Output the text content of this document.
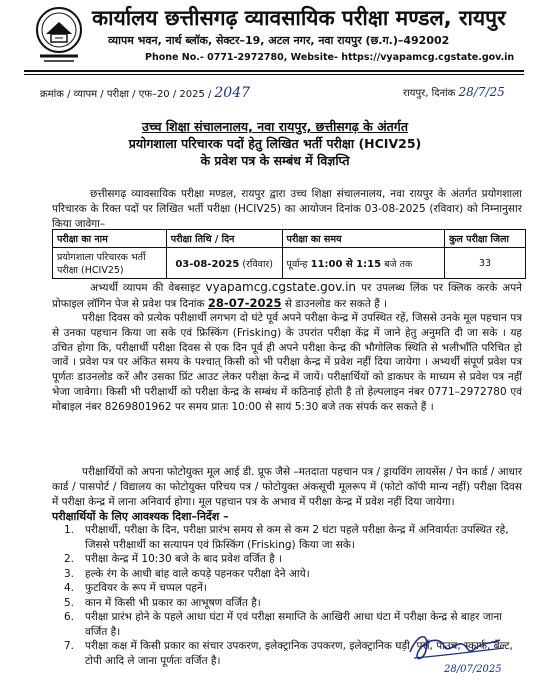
कार्यालय छत्तीसगढ़ व्यावसायिक परीक्षा मण्डल, रायपुर
व्यापम भवन, नार्थ ब्लॉक, सेक्टर–19, अटल नगर, नवा रायपुर (छ.ग.)–492002
Phone No.- 0771-2972780, Website- https://vyapamcg.cgstate.gov.in
क्रमांक / व्यापम / परीक्षा / एफ–20 / 2025 / 2047	रायपुर, दिनांक 28/7/25
उच्च शिक्षा संचालनालय, नवा रायपुर, छत्तीसगढ़ के अंतर्गत
प्रयोगशाला परिचारक पदों हेतु लिखित भर्ती परीक्षा (HCIV25)
के प्रवेश पत्र के सम्बंध में विज्ञप्ति
छत्तीसगढ़ व्यावसायिक परीक्षा मण्डल, रायपुर द्वारा उच्च शिक्षा संचालनालय, नवा रायपुर के अंतर्गत प्रयोगशाला परिचारक के रिक्त पदों पर लिखित भर्ती परीक्षा (HCIV25) का आयोजन दिनांक 03-08-2025 (रविवार) को निम्नानुसार किया जावेगा–
परीक्षा का नाम	परीक्षा तिथि / दिन	परीक्षा का समय	कुल परीक्षा जिला
प्रयोगशाला परिचारक भर्ती परीक्षा (HCIV25)	03-08-2025 (रविवार)	पूर्वान्ह 11:00 से 1:15 बजे तक	33
अभ्यर्थी व्यापम की वेबसाइट vyapamcg.cgstate.gov.in पर उपलब्ध लिंक पर क्लिक करके अपने प्रोफाइल लॉगिन पेज से प्रवेश पत्र दिनांक 28-07-2025 से डाउनलोड कर सकते हैं ।
परीक्षा दिवस को प्रत्येक परीक्षार्थी लगभग दो घंटे पूर्व अपने परीक्षा केन्द्र में उपस्थित रहें, जिससे उनके मूल पहचान पत्र से उनका पहचान किया जा सके एवं फ्रिस्किंग (Frisking) के उपरांत परीक्षा केंद्र में जाने हेतु अनुमति दी जा सके । यह उचित होगा कि, परीक्षार्थी परीक्षा दिवस से एक दिन पूर्व ही अपने परीक्षा केन्द्र की भौगोलिक स्थिति से भलीभाँति परिचित हो जावें । प्रवेश पत्र पर अंकित समय के पश्चात् किसी को भी परीक्षा केन्द्र में प्रवेश नहीं दिया जायेगा । अभ्यर्थी संपूर्ण प्रवेश पत्र पूर्णतः डाउनलोड करें और उसका प्रिंट आउट लेकर परीक्षा केन्द्र में जायें। परीक्षार्थियों को डाकघर के माध्यम से प्रवेश पत्र नहीं भेजा जावेगा। किसी भी परीक्षार्थी को परीक्षा केन्द्र के सम्बंध में कठिनाई होती है तो हेल्पलाइन नंबर 0771–2972780 एवं मोबाइल नंबर 8269801962 पर समय प्रातः 10:00 से सायं 5:30 बजे तक संपर्क कर सकते हैं ।
परीक्षार्थियों को अपना फोटोयुक्त मूल आई डी. प्रूफ जैसे –मतदाता पहचान पत्र / ड्रायविंग लायसेंस / पेन कार्ड / आधार कार्ड / पासपोर्ट / विद्यालय का फोटोयुक्त परिचय पत्र / फोटोयुक्त अंकसूची मूलरूप में (फोटो कॉपी मान्य नहीं) परीक्षा दिवस में परीक्षा केन्द्र में लाना अनिवार्य होगा। मूल पहचान पत्र के अभाव में परीक्षा केन्द्र में प्रवेश नहीं दिया जायेगा।
परीक्षार्थियों के लिए आवश्यक दिशा–निर्देश –
1. परीक्षार्थी, परीक्षा के दिन, परीक्षा प्रारंभ समय से कम से कम 2 घंटा पहले परीक्षा केन्द्र में अनिवार्यतः उपस्थित रहे, जिससे परीक्षार्थी का सत्यापन एवं फ्रिस्किंग (Frisking) किया जा सके।
2. परीक्षा केन्द्र में 10:30 बजे के बाद प्रवेश वर्जित है ।
3. हल्के रंग के आधी बांह वाले कपड़े पहनकर परीक्षा देने आये।
4. फुटवियर के रूप में चप्पल पहनें।
5. कान में किसी भी प्रकार का आभूषण वर्जित है।
6. परीक्षा प्रारंभ होने के पहले आधा घंटा में एवं परीक्षा समाप्ति के आखिरी आधा घंटा में परीक्षा केन्द्र से बाहर जाना वर्जित है।
7. परीक्षा कक्ष में किसी प्रकार का संचार उपकरण, इलेक्ट्रानिक उपकरण, इलेक्ट्रानिक घड़ी, पर्स, पाउच, स्कार्फ, बेल्ट, टोपी आदि ले जाना पूर्णतः वर्जित है।
28/07/2025
